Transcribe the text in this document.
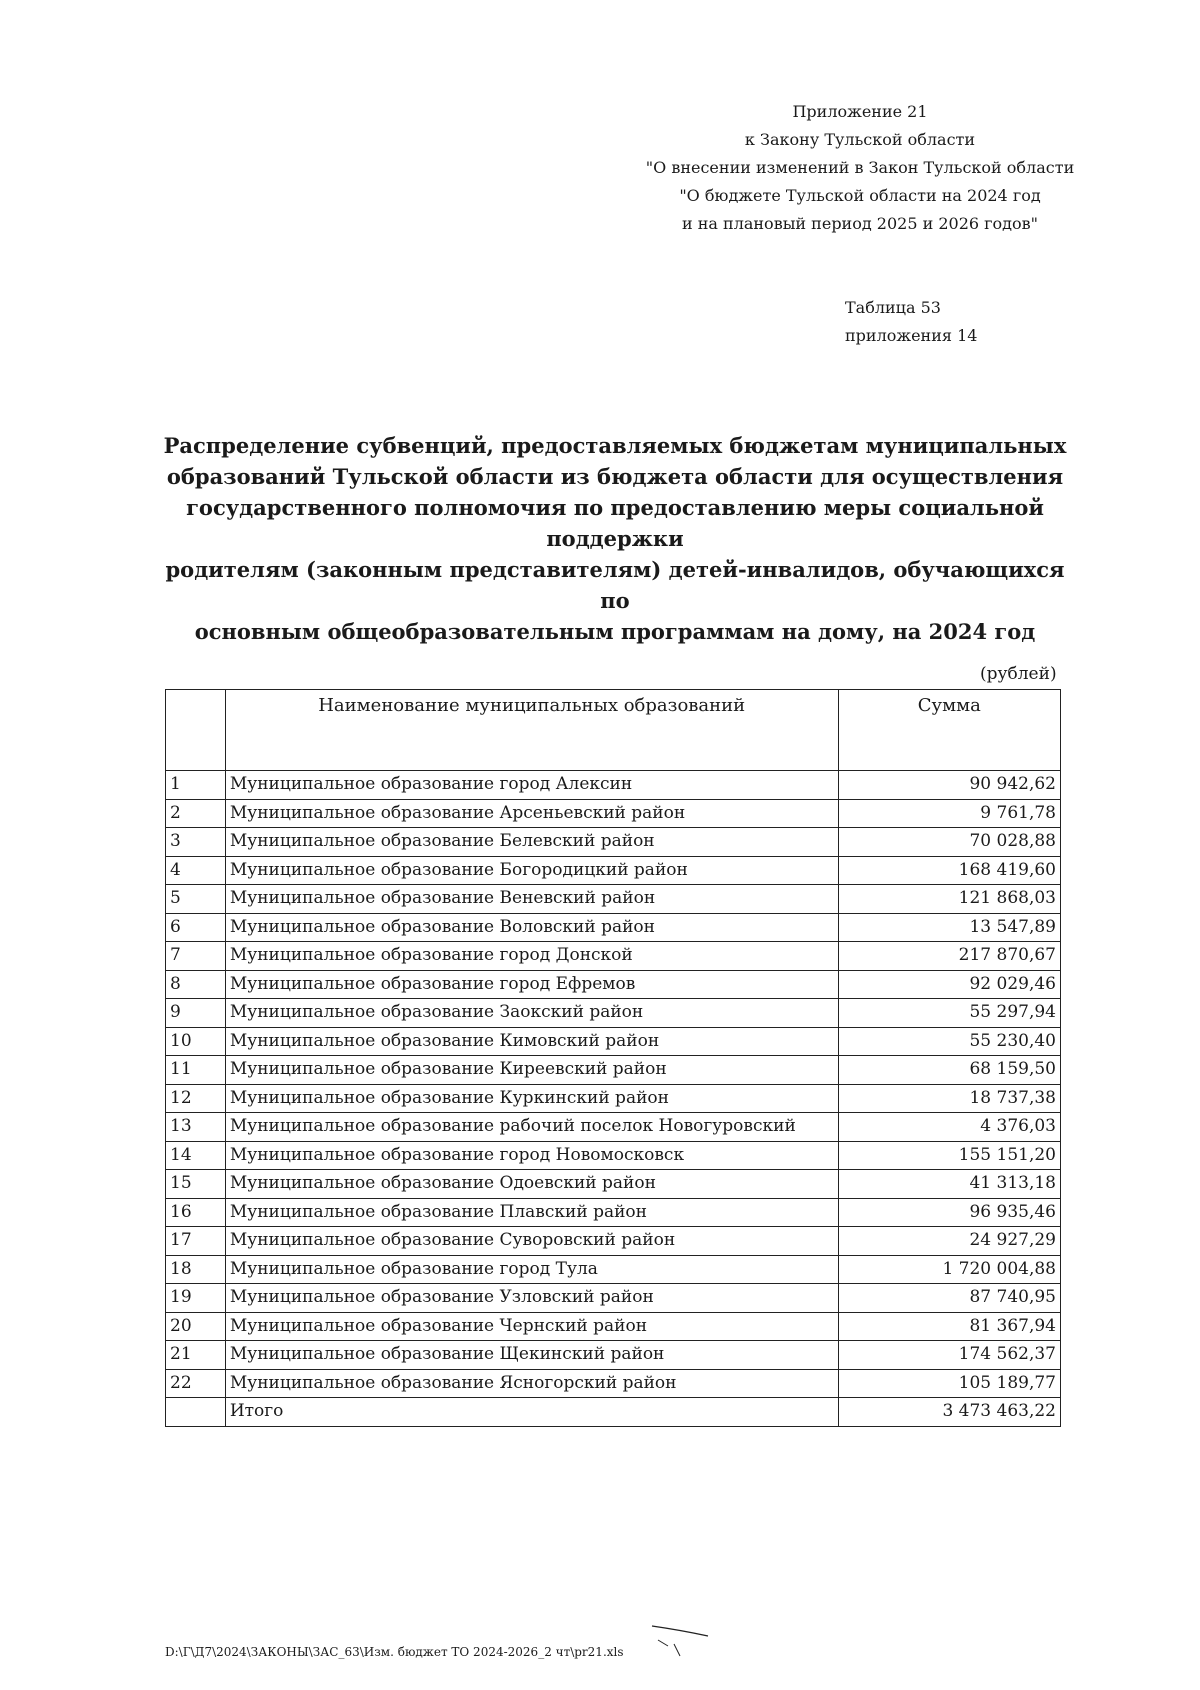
Приложение 21
к Закону Тульской области
"О внесении изменений в Закон Тульской области
"О бюджете Тульской области на 2024 год
и на плановый период 2025 и 2026 годов"
Таблица 53
приложения 14
Распределение субвенций, предоставляемых бюджетам муниципальных
образований Тульской области из бюджета области для осуществления
государственного полномочия по предоставлению меры социальной поддержки
родителям (законным представителям) детей-инвалидов, обучающихся по
основным общеобразовательным программам на дому, на 2024 год
(рублей)
	Наименование муниципальных образований	Сумма
1	Муниципальное образование город Алексин	90 942,62
2	Муниципальное образование Арсеньевский район	9 761,78
3	Муниципальное образование Белевский район	70 028,88
4	Муниципальное образование Богородицкий район	168 419,60
5	Муниципальное образование Веневский район	121 868,03
6	Муниципальное образование Воловский район	13 547,89
7	Муниципальное образование город Донской	217 870,67
8	Муниципальное образование город Ефремов	92 029,46
9	Муниципальное образование Заокский район	55 297,94
10	Муниципальное образование Кимовский район	55 230,40
11	Муниципальное образование Киреевский район	68 159,50
12	Муниципальное образование Куркинский район	18 737,38
13	Муниципальное образование рабочий поселок Новогуровский	4 376,03
14	Муниципальное образование город Новомосковск	155 151,20
15	Муниципальное образование Одоевский район	41 313,18
16	Муниципальное образование Плавский район	96 935,46
17	Муниципальное образование Суворовский район	24 927,29
18	Муниципальное образование город Тула	1 720 004,88
19	Муниципальное образование Узловский район	87 740,95
20	Муниципальное образование Чернский район	81 367,94
21	Муниципальное образование Щекинский район	174 562,37
22	Муниципальное образование Ясногорский район	105 189,77
	Итого	3 473 463,22
D:\Г\Д7\2024\ЗАКОНЫ\ЗАС_63\Изм. бюджет ТО 2024-2026_2 чт\pr21.xls
